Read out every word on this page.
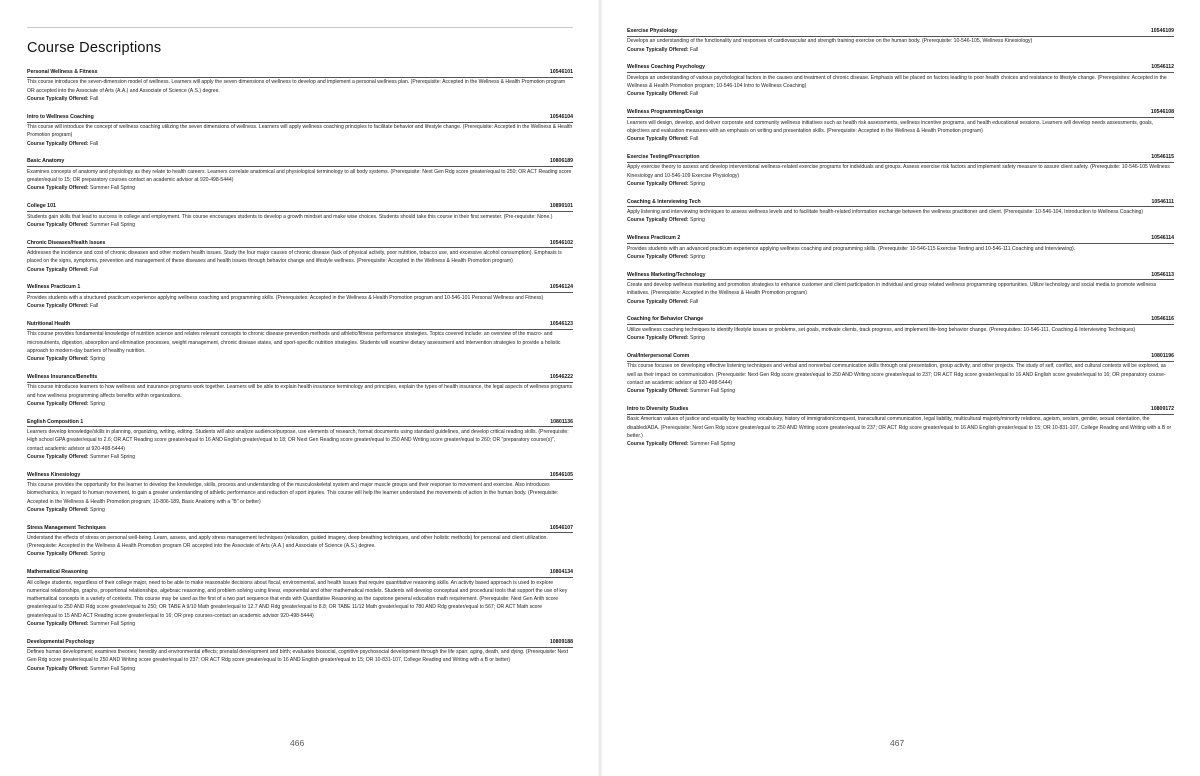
Course Descriptions
Personal Wellness & Fitness	10546101

This course introduces the seven-dimension model of wellness. Learners will apply the seven dimensions of wellness to develop and implement a personal wellness plan. (Prerequisite: Accepted in the Wellness & Health Promotion program OR accepted into the Associate of Arts (A.A.) and Associate of Science (A.S.) degree.

Course Typically Offered: Fall
Intro to Wellness Coaching	10546104

This course will introduce the concept of wellness coaching utilizing the seven dimensions of wellness. Learners will apply wellness coaching principles to facilitate behavior and lifestyle change. (Prerequisite: Accepted in the Wellness & Health Promotion program)

Course Typically Offered: Fall
Basic Anatomy	10806189

Examines concepts of anatomy and physiology as they relate to health careers. Learners correlate anatomical and physiological terminology to all body systems. (Prerequisite: Next Gen Rdg score greater/equal to 250; OR ACT Reading score greater/equal to 15; OR preparatory courses contact an academic advisor at 920-498-5444)

Course Typically Offered: Summer Fall Spring
College 101	10890101

Students gain skills that lead to success in college and employment. This course encourages students to develop a growth mindset and make wise choices. Students should take this course in their first semester. (Pre-requisite: None.)

Course Typically Offered: Summer Fall Spring
Chronic Diseases/Health Issues	10546102

Addresses the incidence and cost of chronic diseases and other modern health issues. Study the four major causes of chronic disease (lack of physical activity, poor nutrition, tobacco use, and excessive alcohol consumption). Emphasis is placed on the signs, symptoms, prevention and management of these diseases and health issues through behavior change and lifestyle wellness. (Prerequisite: Accepted in the Wellness & Health Promotion program)

Course Typically Offered: Fall
Wellness Practicum 1	10546124

Provides students with a structured practicum experience applying wellness coaching and programming skills. (Prerequisites: Accepted in the Wellness & Health Promotion program and 10-546-101 Personal Wellness and Fitness)

Course Typically Offered: Fall
Nutritional Health	10546123

This course provides fundamental knowledge of nutrition science and relates relevant concepts to chronic disease prevention methods and athletic/fitness performance strategies. Topics covered include: an overview of the macro- and micronutrients, digestion, absorption and elimination processes, weight management, chronic disease states, and sport-specific nutrition strategies. Students will examine dietary assessment and intervention strategies to provide a holistic approach to modern-day barriers of healthy nutrition.

Course Typically Offered: Spring
Wellness Insurance/Benefits	10546222

This course introduces learners to how wellness and insurance programs work together. Learners will be able to explain health insurance terminology and principles, explain the types of health insurance, the legal aspects of wellness programs and how wellness programming affects benefits within organizations.

Course Typically Offered: Spring
English Composition 1	10801136

Learners develop knowledge/skills in planning, organizing, writing, editing. Students will also analyze audience/purpose, use elements of research, format documents using standard guidelines, and develop critical reading skills. (Prerequisite: High school GPA greater/equal to 2.6; OR ACT Reading score greater/equal to 16 AND English greater/equal to 18; OR Next Gen Reading score greater/equal to 250 AND Writing score greater/equal to 260; OR "preparatory course(s)", contact academic advisor at 920-498-5444)

Course Typically Offered: Summer Fall Spring
Wellness Kinesiology	10546105

This course provides the opportunity for the learner to develop the knowledge, skills, process and understanding of the musculoskeletal system and major muscle groups and their response to movement and exercise. Also introduces biomechanics, in regard to human movement, to gain a greater understanding of athletic performance and reduction of sport injuries. This course will help the learner understand the movements of action in the human body. (Prerequisite: Accepted in the Wellness & Health Promotion program; 10-806-189, Basic Anatomy with a "B" or better)

Course Typically Offered: Spring
Stress Management Techniques	10546107

Understand the effects of stress on personal well-being. Learn, assess, and apply stress management techniques (relaxation, guided imagery, deep breathing techniques, and other holistic methods) for personal and client utilization. (Prerequisite: Accepted in the Wellness & Health Promotion program OR accepted into the Associate of Arts (A.A.) and Associate of Science (A.S.) degree.

Course Typically Offered: Spring
Mathematical Reasoning	10804134

All college students, regardless of their college major, need to be able to make reasonable decisions about fiscal, environmental, and health issues that require quantitative reasoning skills. An activity based approach is used to explore numerical relationships, graphs, proportional relationships, algebraic reasoning, and problem solving using linear, exponential and other mathematical models. Students will develop conceptual and procedural tools that support the use of key mathematical concepts in a variety of contexts. This course may be used as the first of a two part sequence that ends with Quantitative Reasoning as the capstone general education math requirement. (Prerequisite: Next Gen Arith score greater/equal to 250 AND Rdg score greater/equal to 250; OR TABE A 9/10 Math greater/equal to 12.7 AND Rdg greater/equal to 8.8; OR TABE 11/12 Math greater/equal to 780 AND Rdg greater/equal to 567; OR ACT Math score greater/equal to 15 AND ACT Reading score greater/equal to 16; OR prep courses-contact an academic advisor 920-498-5444)

Course Typically Offered: Summer Fall Spring
Developmental Psychology	10809188

Defines human development; examines theories; heredity and environmental effects; prenatal development and birth; evaluates biosocial, cognitive psychosocial development through the life span; aging, death, and dying. (Prerequisite: Next Gen Rdg score greater/equal to 250 AND Writing score greater/equal to 237; OR ACT Rdg score greater/equal to 16 AND English greater/equal to 15; OR 10-831-107, College Reading and Writing with a B or better)

Course Typically Offered: Summer Fall Spring
466
Exercise Physiology	10546109

Develops an understanding of the functionality and responses of cardiovascular and strength training exercise on the human body. (Prerequisite: 10-546-105, Wellness Kinesiology)

Course Typically Offered: Fall
Wellness Coaching Psychology	10546112

Develops an understanding of various psychological factors in the causes and treatment of chronic disease. Emphasis will be placed on factors leading to poor health choices and resistance to lifestyle change. (Prerequisites: Accepted in the Wellness & Health Promotion program; 10-546-104 Intro to Wellness Coaching)

Course Typically Offered: Fall
Wellness Programming/Design	10546108

Learners will design, develop, and deliver corporate and community wellness initiatives such as health risk assessments, wellness incentive programs, and health educational sessions. Learners will develop needs assessments, goals, objectives and evaluation measures with an emphasis on writing and presentation skills. (Prerequisite: Accepted in the Wellness & Health Promotion program)

Course Typically Offered: Fall
Exercise Testing/Prescription	10546115

Apply exercise theory to assess and develop interventional wellness-related exercise programs for individuals and groups. Assess exercise risk factors and implement safety measure to assure client safety. (Prerequisite: 10-546-105 Wellness Kinesiology and 10-546-109 Exercise Physiology)

Course Typically Offered: Spring
Coaching & Interviewing Tech	10546111

Apply listening and interviewing techniques to assess wellness levels and to facilitate health-related information exchange between the wellness practitioner and client. (Prerequisite: 10-546-104, Introduction to Wellness Coaching)

Course Typically Offered: Spring
Wellness Practicum 2	10546114

Provides students with an advanced practicum experience applying wellness coaching and programming skills. (Prerequisite: 10-546-115 Exercise Testing and 10-546-111 Coaching and Interviewing).

Course Typically Offered: Spring
Wellness Marketing/Technology	10546113

Create and develop wellness marketing and promotion strategies to enhance customer and client participation in individual and group related wellness programming opportunities. Utilize technology and social media to promote wellness initiatives. (Prerequisite: Accepted in the Wellness & Health Promotion program)

Course Typically Offered: Fall
Coaching for Behavior Change	10546116

Utilize wellness coaching techniques to identify lifestyle issues or problems, set goals, motivate clients, track progress, and implement life-long behavior change. (Prerequisites: 10-546-111, Coaching & Interviewing Techniques)

Course Typically Offered: Spring
Oral/Interpersonal Comm	10801196

This course focuses on developing effective listening techniques and verbal and nonverbal communication skills through oral presentation, group activity, and other projects. The study of self, conflict, and cultural contexts will be explored, as well as their impact on communication. (Prerequisite: Next Gen Rdg score greater/equal to 250 AND Writing score greater/equal to 237; OR ACT Rdg score greater/equal to 16 AND English score greater/equal to 16; OR preparatory course-contact an academic advisor at 920-498-5444)

Course Typically Offered: Summer Fall Spring
Intro to Diversity Studies	10809172

Basic American values of justice and equality by teaching vocabulary, history of immigration/conquest, transcultural communication, legal liability, multicultural majority/minority relations, ageism, sexism, gender, sexual orientation, the disabled/ADA. (Prerequisite: Next Gen Rdg score greater/equal to 250 AND Writing score greater/equal to 237; OR ACT Rdg score greater/equal to 16 AND English greater/equal to 15; OR 10-831-107, College Reading and Writing with a B or better.)

Course Typically Offered: Summer Fall Spring
467
